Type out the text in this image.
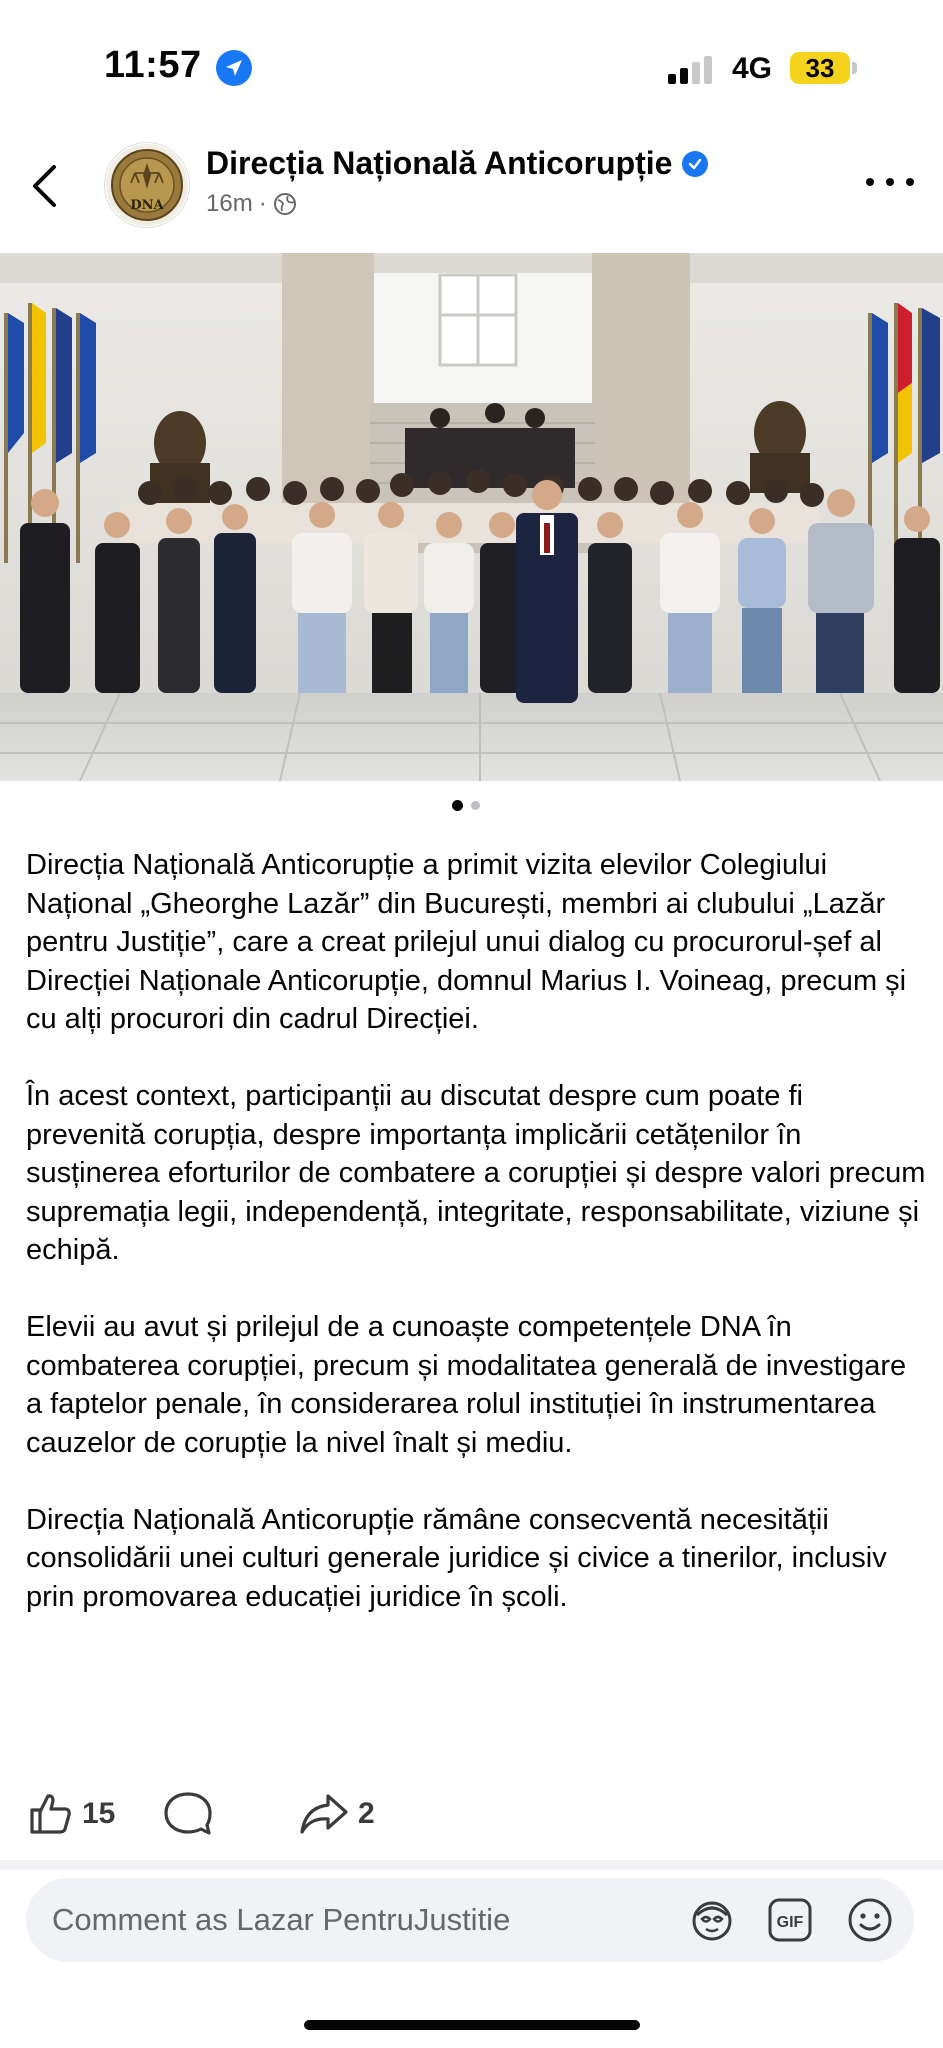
11:57	4G	33
DNA
Direcția Națională Anticorupție
16m ·

Direcția Națională Anticorupție a primit vizita elevilor Colegiului Național „Gheorghe Lazăr” din București, membri ai clubului „Lazăr pentru Justiție”, care a creat prilejul unui dialog cu procurorul-șef al Direcției Naționale Anticorupție, domnul Marius I. Voineag, precum și cu alți procurori din cadrul Direcției.

În acest context, participanții au discutat despre cum poate fi prevenită corupția, despre importanța implicării cetățenilor în susținerea eforturilor de combatere a corupției și despre valori precum supremația legii, independență, integritate, responsabilitate, viziune și echipă.

Elevii au avut și prilejul de a cunoaște competențele DNA în combaterea corupției, precum și modalitatea generală de investigare a faptelor penale, în considerarea rolul instituției în instrumentarea cauzelor de corupție la nivel înalt și mediu.

Direcția Națională Anticorupție rămâne consecventă necesității consolidării unei culturi generale juridice și civice a tinerilor, inclusiv prin promovarea educației juridice în școli.

15	2
Comment as Lazar PentruJustitie	GIF
